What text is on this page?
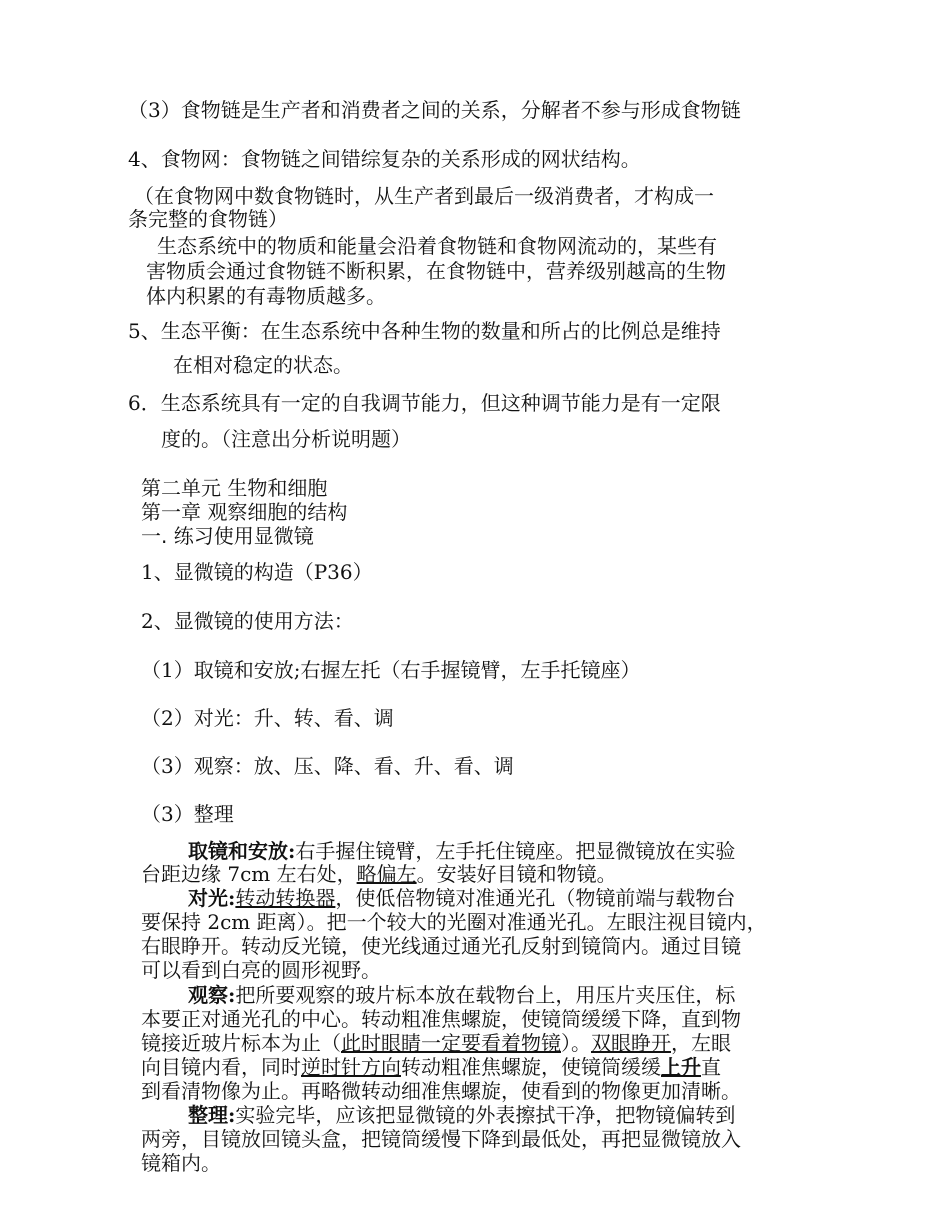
（3）食物链是生产者和消费者之间的关系，分解者不参与形成食物链
4、食物网：食物链之间错综复杂的关系形成的网状结构。
（在食物网中数食物链时，从生产者到最后一级消费者，才构成一
条完整的食物链）
生态系统中的物质和能量会沿着食物链和食物网流动的，某些有
害物质会通过食物链不断积累，在食物链中，营养级别越高的生物
体内积累的有毒物质越多。
5、生态平衡：在生态系统中各种生物的数量和所占的比例总是维持
在相对稳定的状态。
6．生态系统具有一定的自我调节能力，但这种调节能力是有一定限
度的。（注意出分析说明题）
第二单元 生物和细胞
第一章 观察细胞的结构
一. 练习使用显微镜
1、显微镜的构造（P36）
2、显微镜的使用方法：
（1）取镜和安放;右握左托（右手握镜臂，左手托镜座）
（2）对光：升、转、看、调
（3）观察：放、压、降、看、升、看、调
（3）整理
取镜和安放:右手握住镜臂，左手托住镜座。把显微镜放在实验
台距边缘 7cm 左右处，略偏左。安装好目镜和物镜。
对光:转动转换器，使低倍物镜对准通光孔（物镜前端与载物台
要保持 2cm 距离）。把一个较大的光圈对准通光孔。左眼注视目镜内，
右眼睁开。转动反光镜，使光线通过通光孔反射到镜筒内。通过目镜
可以看到白亮的圆形视野。
观察:把所要观察的玻片标本放在载物台上，用压片夹压住，标
本要正对通光孔的中心。转动粗准焦螺旋，使镜筒缓缓下降，直到物
镜接近玻片标本为止（此时眼睛一定要看着物镜）。双眼睁开，左眼
向目镜内看，同时逆时针方向转动粗准焦螺旋，使镜筒缓缓上升直
到看清物像为止。再略微转动细准焦螺旋，使看到的物像更加清晰。
整理:实验完毕，应该把显微镜的外表擦拭干净，把物镜偏转到
两旁，目镜放回镜头盒，把镜筒缓慢下降到最低处，再把显微镜放入
镜箱内。
